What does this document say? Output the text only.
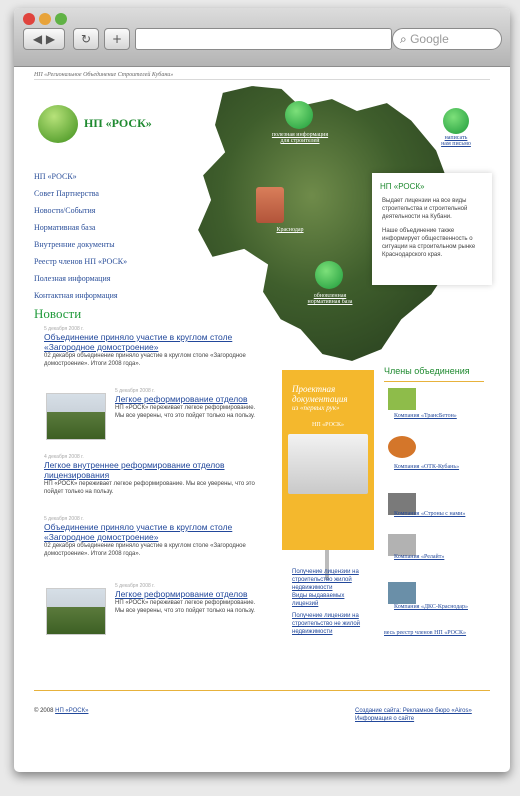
◀ ▶	↻	+	⌕ Google
НП «Региональное Объединение Строителей Кубани»
НП «РОСК»
НП «РОСК»
Совет Партнерства
Новости/События
Нормативная база
Внутренние документы
Реестр членов НП «РОСК»
Полезная информация
Контактная информация
полезная информация
для строителей
Краснодар
обновленная
нормативная база
написать
нам письмо
НП «РОСК»

Выдает лицензии на все виды строительства и строительной деятельности на Кубани.

Наше объединение также информирует общественность о ситуации на строительном рынке Краснодарского края.

Новости
5 декабря 2008 г.
Объединение приняло участие в круглом столе «Загородное домостроение»
02 декабря объединение приняло участие в круглом столе «Загородное домостроение». Итоги 2008 года».
5 декабря 2008 г.
Легкое реформирование отделов
НП «РОСК» переживает легкое реформирование. Мы все уверены, что это пойдет только на пользу.
4 декабря 2008 г.
Легкое внутреннее реформирование отделов лицензирования
НП «РОСК» переживает легкое реформирование. Мы все уверены, что это пойдет только на пользу.
5 декабря 2008 г.
Объединение приняло участие в круглом столе «Загородное домостроение»
02 декабря объединение приняло участие в круглом столе «Загородное домостроение». Итоги 2008 года».
5 декабря 2008 г.
Легкое реформирование отделов
НП «РОСК» переживает легкое реформирование. Мы все уверены, что это пойдет только на пользу.
Проектная
документация
из «первых рук»
НП «РОСК»
Получение лицензии на строительство жилой недвижимости
Виды выдаваемых лицензий
Получение лицензии на строительство не жилой недвижимости
Члены объединения
Компания «ТрансБетон»
Компания «ОТК-Кубань»
Компания «Строны с нами»
Компания «Релайт»
Компания «ДКС-Краснодар»
весь реестр членов НП «РОСК»
© 2008 НП «РОСК»	Создание сайта: Рекламное бюро «Airos»
Информация о сайте
